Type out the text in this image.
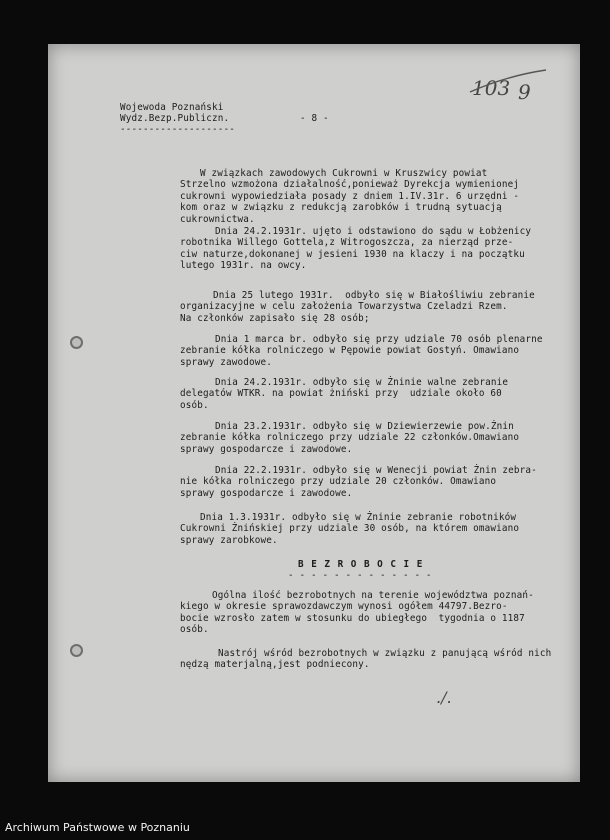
103 9
Wojewoda Poznański
Wydz.Bezp.Publiczn.
--------------------
- 8 -
W związkach zawodowych Cukrowni w Kruszwicy powiat
Strzelno wzmożona działalność,ponieważ Dyrekcja wymienionej
cukrowni wypowiedziała posady z dniem 1.IV.31r. 6 urzędni -
kom oraz w związku z redukcją zarobków i trudną sytuacją
cukrownictwa.
Dnia 24.2.1931r. ujęto i odstawiono do sądu w Łobżenicy
robotnika Willego Gottela,z Witrogoszcza, za nierząd prze-
ciw naturze,dokonanej w jesieni 1930 na klaczy i na początku
lutego 1931r. na owcy.
Dnia 25 lutego 1931r.  odbyło się w Białośliwiu zebranie
organizacyjne w celu założenia Towarzystwa Czeladzi Rzem.
Na członków zapisało się 28 osób;
Dnia 1 marca br. odbyło się przy udziale 70 osób plenarne
zebranie kółka rolniczego w Pępowie powiat Gostyń. Omawiano
sprawy zawodowe.
Dnia 24.2.1931r. odbyło się w Żninie walne zebranie
delegatów WTKR. na powiat żniński przy  udziale około 60
osób.
Dnia 23.2.1931r. odbyło się w Dziewierzewie pow.Żnin
zebranie kółka rolniczego przy udziale 22 członków.Omawiano
sprawy gospodarcze i zawodowe.
Dnia 22.2.1931r. odbyło się w Wenecji powiat Żnin zebra-
nie kółka rolniczego przy udziale 20 członków. Omawiano
sprawy gospodarcze i zawodowe.
Dnia 1.3.1931r. odbyło się w Żninie zebranie robotników
Cukrowni Żnińskiej przy udziale 30 osób, na którem omawiano
sprawy zarobkowe.
B E Z R O B O C I E
- - - - - - - - - - - - -
Ogólna ilość bezrobotnych na terenie województwa poznań-
kiego w okresie sprawozdawczym wynosi ogółem 44797.Bezro-
bocie wzrosło zatem w stosunku do ubiegłego  tygodnia o 1187
osób.
Nastrój wśród bezrobotnych w związku z panującą wśród nich
nędzą materjalną,jest podniecony.
./.
Archiwum Państwowe w Poznaniu
